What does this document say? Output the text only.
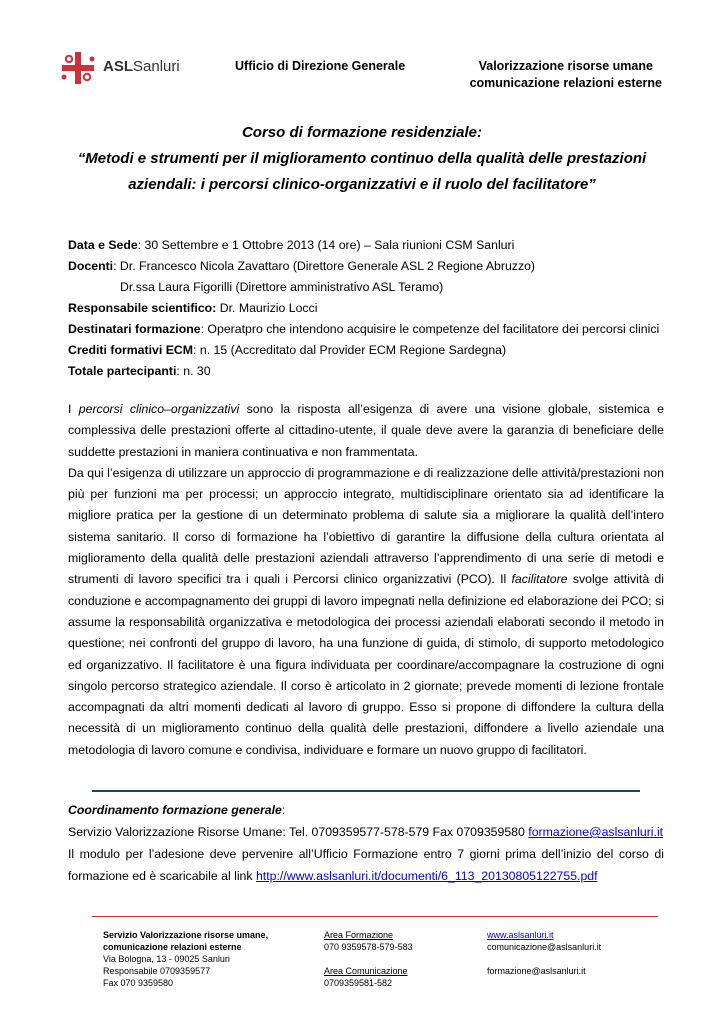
ASLSanluri	Ufficio di Direzione Generale	Valorizzazione risorse umane
comunicazione relazioni esterne
Corso di formazione residenziale:
“Metodi e strumenti per il miglioramento continuo della qualità delle prestazioni
aziendali: i percorsi clinico-organizzativi e il ruolo del facilitatore”
Data e Sede: 30 Settembre e 1 Ottobre 2013 (14 ore) – Sala riunioni CSM Sanluri
Docenti: Dr. Francesco Nicola Zavattaro (Direttore Generale ASL 2 Regione Abruzzo)
Dr.ssa Laura Figorilli (Direttore amministrativo ASL Teramo)
Responsabile scientifico: Dr. Maurizio Locci
Destinatari formazione: Operatpro che intendono acquisire le competenze del facilitatore dei percorsi clinici
Crediti formativi ECM: n. 15 (Accreditato dal Provider ECM Regione Sardegna)
Totale partecipanti: n. 30

I percorsi clinico–organizzativi sono la risposta all’esigenza di avere una visione globale, sistemica e complessiva delle prestazioni offerte al cittadino-utente, il quale deve avere la garanzia di beneficiare delle suddette prestazioni in maniera continuativa e non frammentata.

Da qui l’esigenza di utilizzare un approccio di programmazione e di realizzazione delle attività/prestazioni non più per funzioni ma per processi; un approccio integrato, multidisciplinare orientato sia ad identificare la migliore pratica per la gestione di un determinato problema di salute sia a migliorare la qualità dell’intero sistema sanitario. Il corso di formazione ha l’obiettivo di garantire la diffusione della cultura orientata al miglioramento della qualità delle prestazioni aziendali attraverso l’apprendimento di una serie di metodi e strumenti di lavoro specifici tra i quali i Percorsi clinico organizzativi (PCO). Il facilitatore svolge attività di conduzione e accompagnamento dei gruppi di lavoro impegnati nella definizione ed elaborazione dei PCO; si assume la responsabilità organizzativa e metodologica dei processi aziendali elaborati secondo il metodo in questione; nei confronti del gruppo di lavoro, ha una funzione di guida, di stimolo, di supporto metodologico ed organizzativo. Il facilitatore è una figura individuata per coordinare/accompagnare la costruzione di ogni singolo percorso strategico aziendale. Il corso è articolato in 2 giornate; prevede momenti di lezione frontale accompagnati da altri momenti dedicati al lavoro di gruppo. Esso si propone di diffondere la cultura della necessità di un miglioramento continuo della qualità delle prestazioni, diffondere a livello aziendale una metodologia di lavoro comune e condivisa, individuare e formare un nuovo gruppo di facilitatori.

Coordinamento formazione generale:

Servizio Valorizzazione Risorse Umane: Tel. 0709359577-578-579 Fax 0709359580 formazione@aslsanluri.it

Il modulo per l’adesione deve pervenire all’Ufficio Formazione entro 7 giorni prima dell’inizio del corso di formazione ed è scaricabile al link http://www.aslsanluri.it/documenti/6_113_20130805122755.pdf

Servizio Valorizzazione risorse umane,
comunicazione relazioni esterne
Via Bologna, 13 - 09025 Sanluri
Responsabile 0709359577
Fax 070 9359580
Area Formazione
070 9359578-579-583
Area Comunicazione
0709359581-582
www.aslsanluri.it
comunicazione@aslsanluri.it
formazione@aslsanluri.it
